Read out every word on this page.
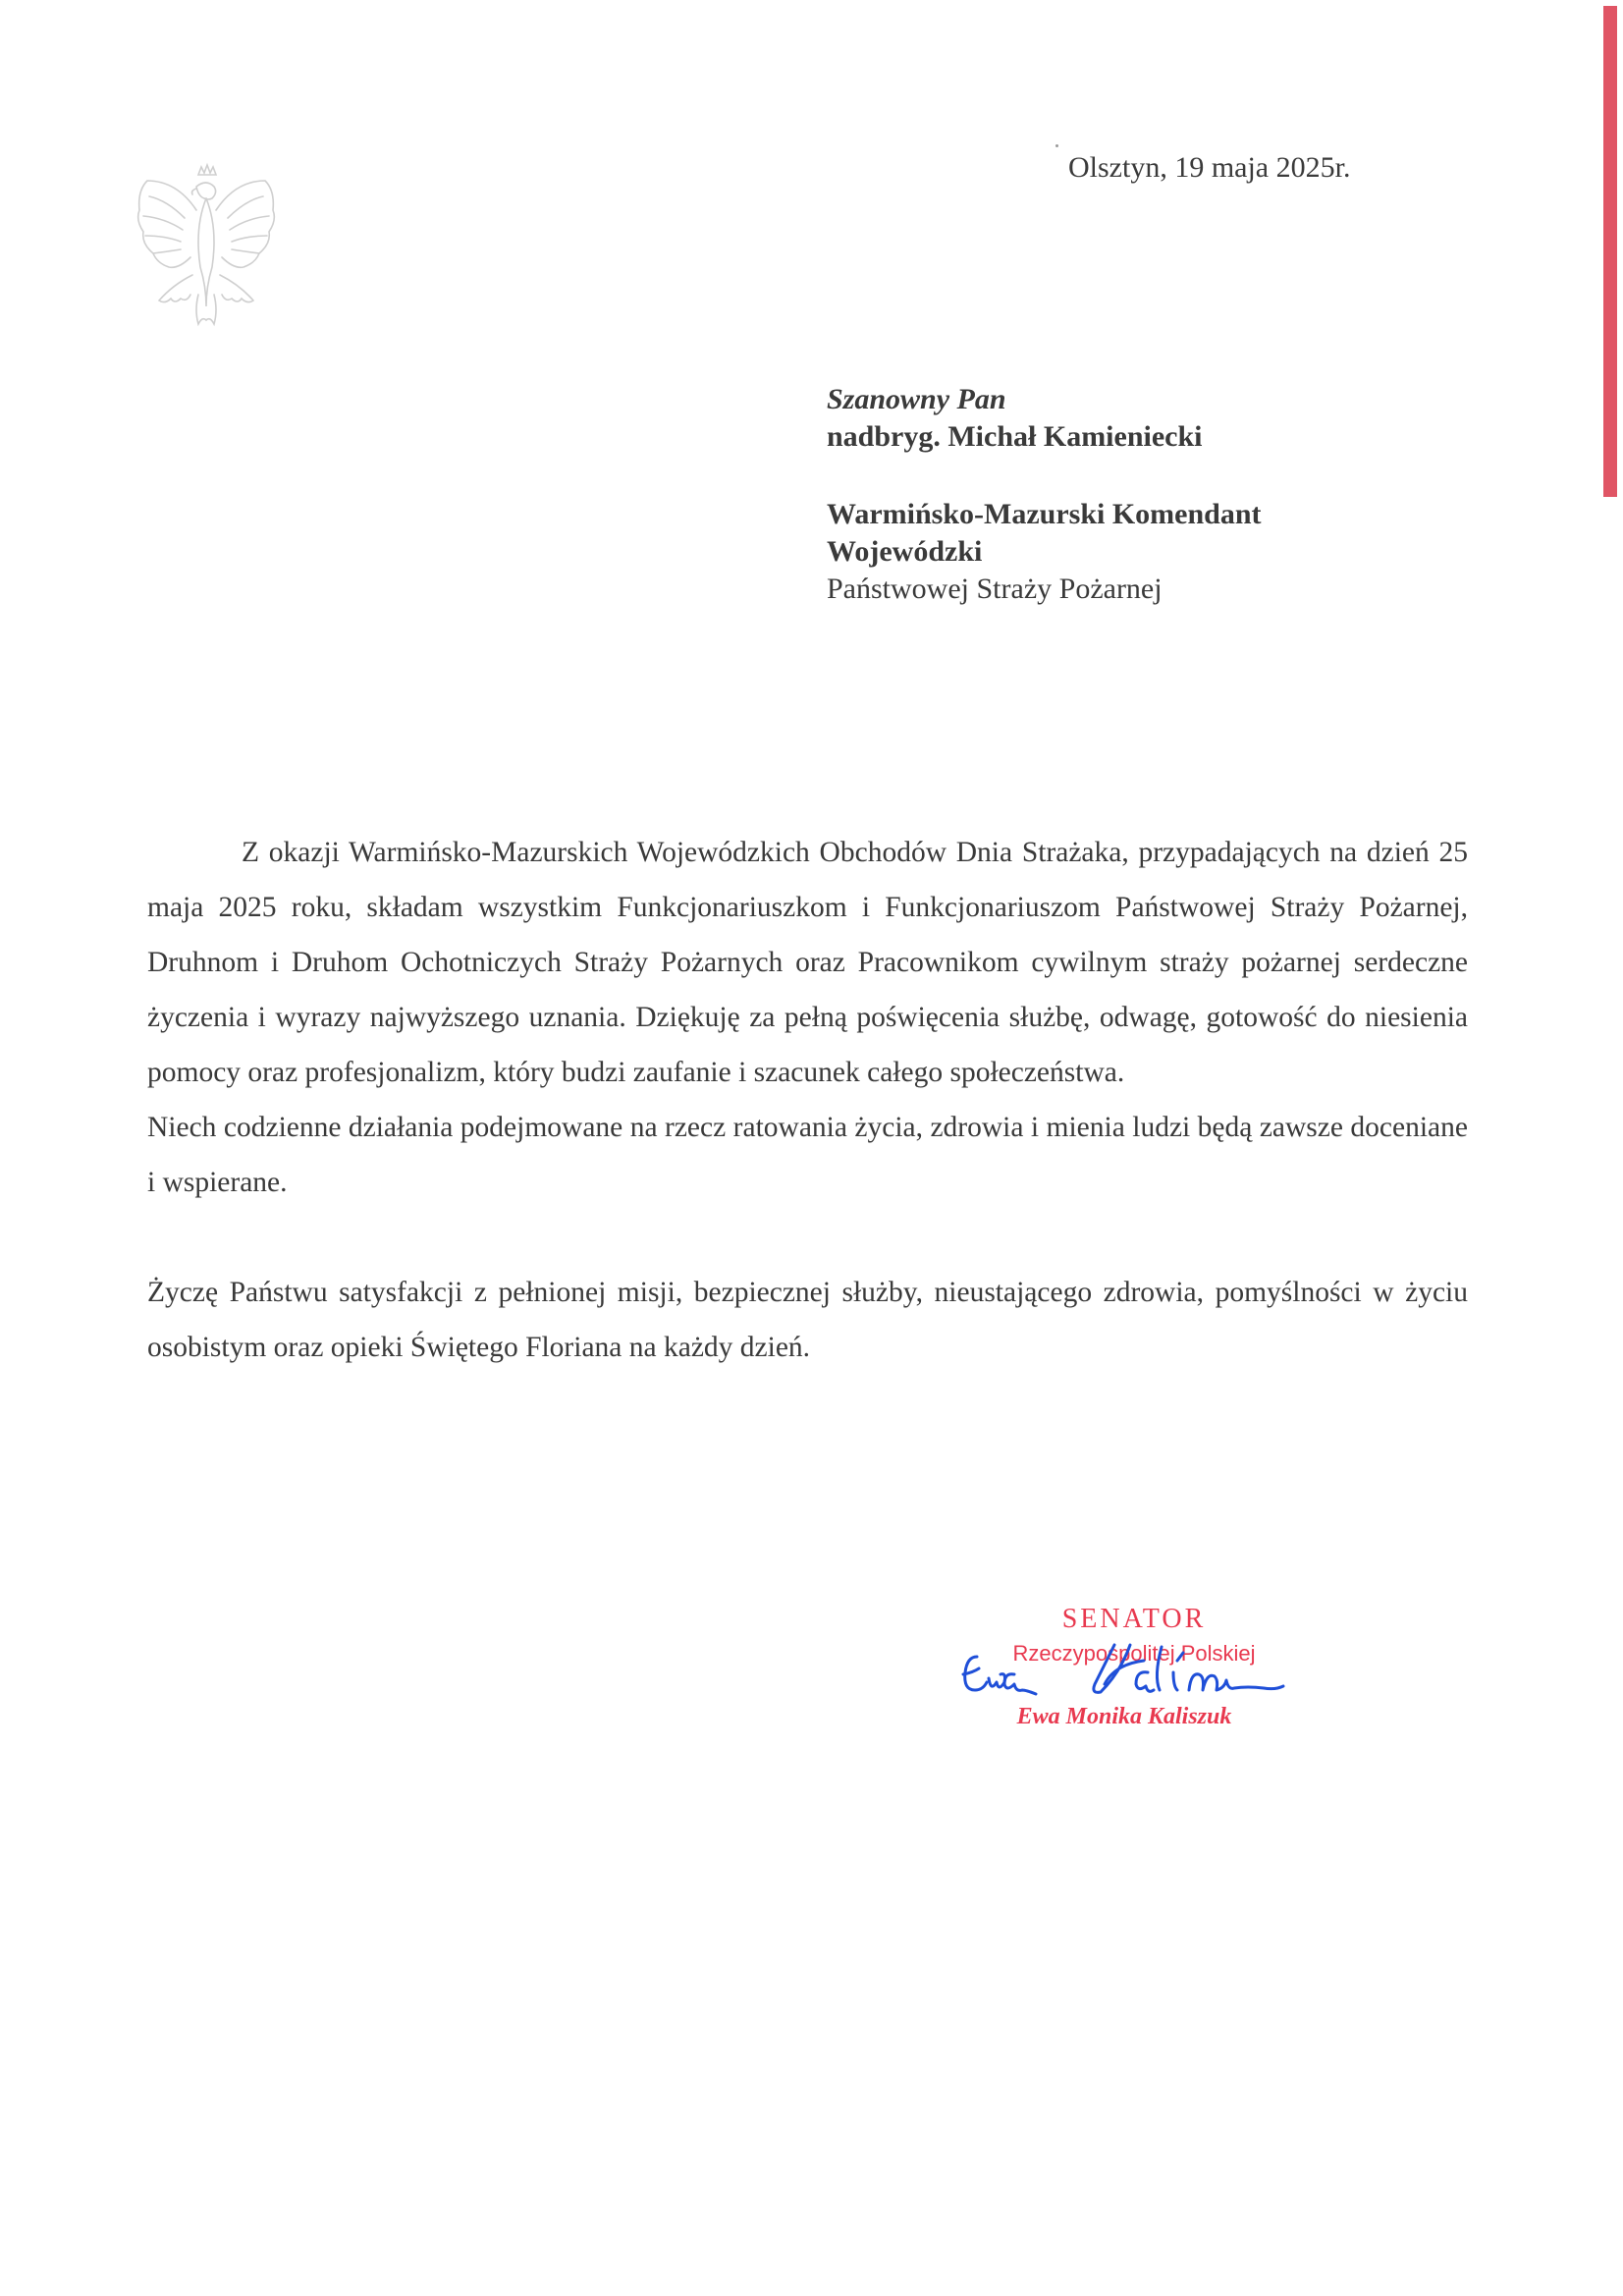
Olsztyn, 19 maja 2025r.
Szanowny Pan
nadbryg. Michał Kamieniecki
Warmińsko-Mazurski Komendant
Wojewódzki
Państwowej Straży Pożarnej

Z okazji Warmińsko-Mazurskich Wojewódzkich Obchodów Dnia Strażaka, przypadających na dzień 25 maja 2025 roku, składam wszystkim Funkcjonariuszkom i Funkcjonariuszom Państwowej Straży Pożarnej, Druhnom i Druhom Ochotniczych Straży Pożarnych oraz Pracownikom cywilnym straży pożarnej serdeczne życzenia i wyrazy najwyższego uznania. Dziękuję za pełną poświęcenia służbę, odwagę, gotowość do niesienia pomocy oraz profesjonalizm, który budzi zaufanie i szacunek całego społeczeństwa.

Niech codzienne działania podejmowane na rzecz ratowania życia, zdrowia i mienia ludzi będą zawsze doceniane i wspierane.

Życzę Państwu satysfakcji z pełnionej misji, bezpiecznej służby, nieustającego zdrowia, pomyślności w życiu osobistym oraz opieki Świętego Floriana na każdy dzień.

SENATOR
Rzeczypospolitej Polskiej
Ewa Monika Kaliszuk
